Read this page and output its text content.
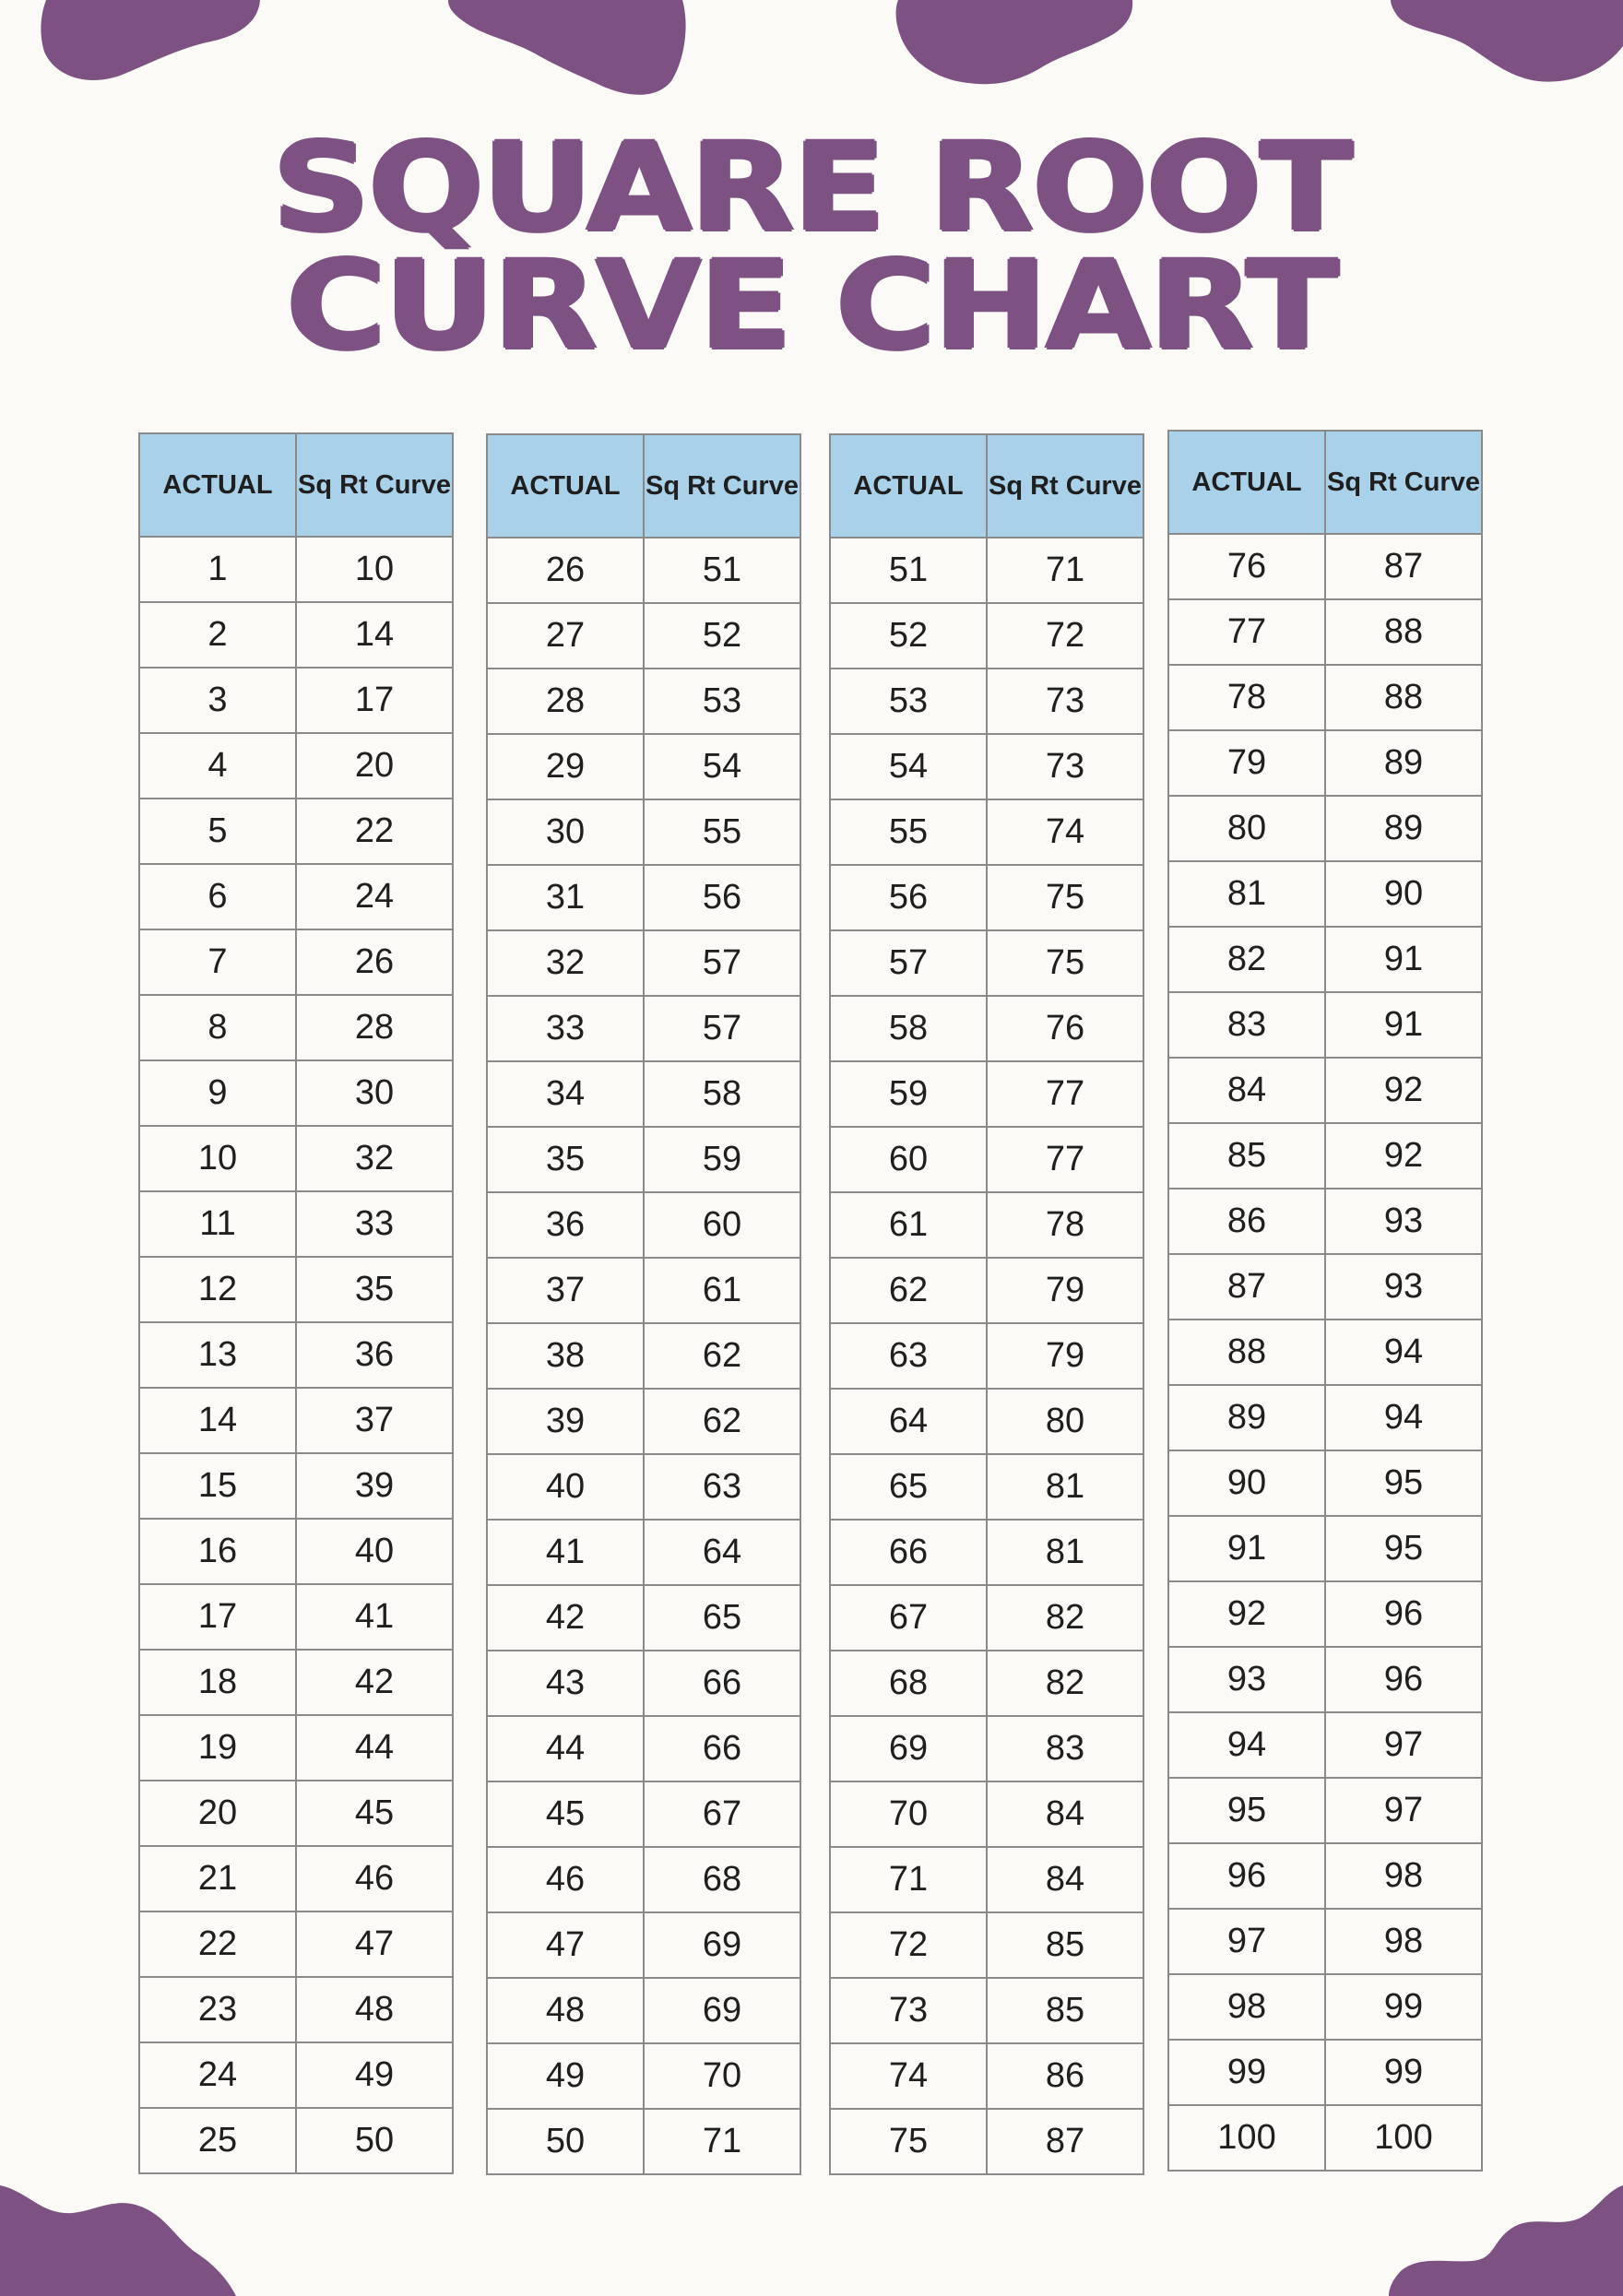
SQUARE ROOT
CURVE CHART
ACTUAL	Sq Rt Curve
1	10
2	14
3	17
4	20
5	22
6	24
7	26
8	28
9	30
10	32
11	33
12	35
13	36
14	37
15	39
16	40
17	41
18	42
19	44
20	45
21	46
22	47
23	48
24	49
25	50
ACTUAL	Sq Rt Curve
26	51
27	52
28	53
29	54
30	55
31	56
32	57
33	57
34	58
35	59
36	60
37	61
38	62
39	62
40	63
41	64
42	65
43	66
44	66
45	67
46	68
47	69
48	69
49	70
50	71
ACTUAL	Sq Rt Curve
51	71
52	72
53	73
54	73
55	74
56	75
57	75
58	76
59	77
60	77
61	78
62	79
63	79
64	80
65	81
66	81
67	82
68	82
69	83
70	84
71	84
72	85
73	85
74	86
75	87
ACTUAL	Sq Rt Curve
76	87
77	88
78	88
79	89
80	89
81	90
82	91
83	91
84	92
85	92
86	93
87	93
88	94
89	94
90	95
91	95
92	96
93	96
94	97
95	97
96	98
97	98
98	99
99	99
100	100
